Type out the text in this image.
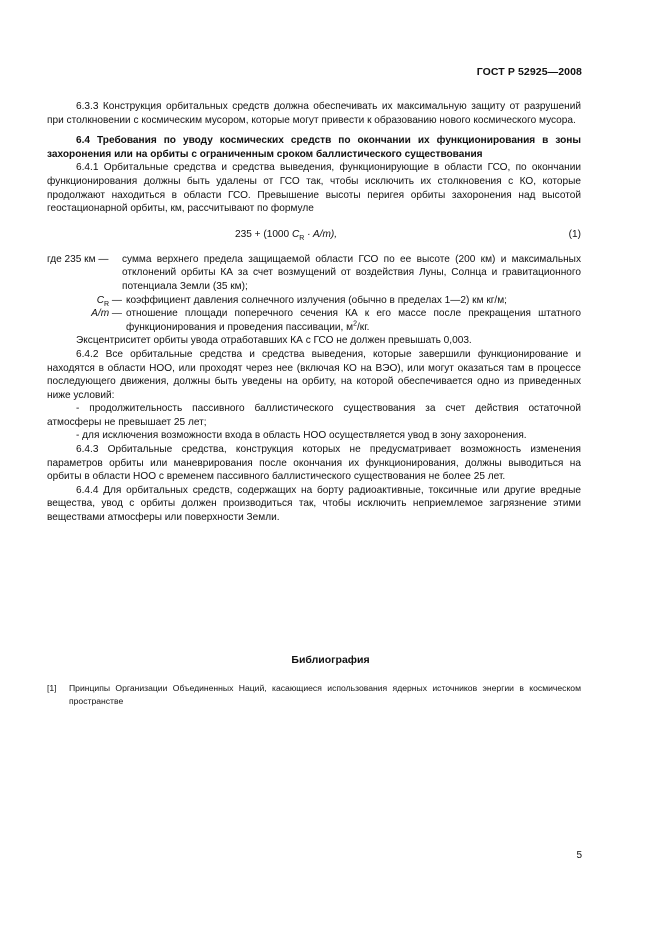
ГОСТ Р 52925—2008

6.3.3 Конструкция орбитальных средств должна обеспечивать их максимальную защиту от разрушений при столкновении с космическим мусором, которые могут привести к образованию нового космического мусора.

6.4 Требования по уводу космических средств по окончании их функционирования в зоны захоронения или на орбиты с ограниченным сроком баллистического существования

6.4.1 Орбитальные средства и средства выведения, функционирующие в области ГСО, по окончании функционирования должны быть удалены от ГСО так, чтобы исключить их столкновения с КО, которые продолжают находиться в области ГСО. Превышение высоты перигея орбиты захоронения над высотой геостационарной орбиты, км, рассчитывают по формуле

235 + (1000 $C_R \cdot A/m$),	(1)
где 235 км —	сумма верхнего предела защищаемой области ГСО по ее высоте (200 км) и максимальных отклонений орбиты КА за счет возмущений от воздействия Луны, Солнца и гравитационного потенциала Земли (35 км);
$C_R$ — коэффициент давления солнечного излучения (обычно в пределах 1—2) км кг/м;
A/m — отношение площади поперечного сечения КА к его массе после прекращения штатного функционирования и проведения пассивации, $м^2/кг$.

Эксцентриситет орбиты увода отработавших КА с ГСО не должен превышать 0,003.

6.4.2 Все орбитальные средства и средства выведения, которые завершили функционирование и находятся в области НОО, или проходят через нее (включая КО на ВЭО), или могут оказаться там в процессе последующего движения, должны быть уведены на орбиту, на которой обеспечивается одно из приведенных ниже условий:

- продолжительность пассивного баллистического существования за счет действия остаточной атмосферы не превышает 25 лет;

- для исключения возможности входа в область НОО осуществляется увод в зону захоронения.

6.4.3 Орбитальные средства, конструкция которых не предусматривает возможность изменения параметров орбиты или маневрирования после окончания их функционирования, должны выводиться на орбиты в области НОО с временем пассивного баллистического существования не более 25 лет.

6.4.4 Для орбитальных средств, содержащих на борту радиоактивные, токсичные или другие вредные вещества, увод с орбиты должен производиться так, чтобы исключить неприемлемое загрязнение этими веществами атмосферы или поверхности Земли.

Библиография
[1]	Принципы Организации Объединенных Наций, касающиеся использования ядерных источников энергии в космическом пространстве
5
